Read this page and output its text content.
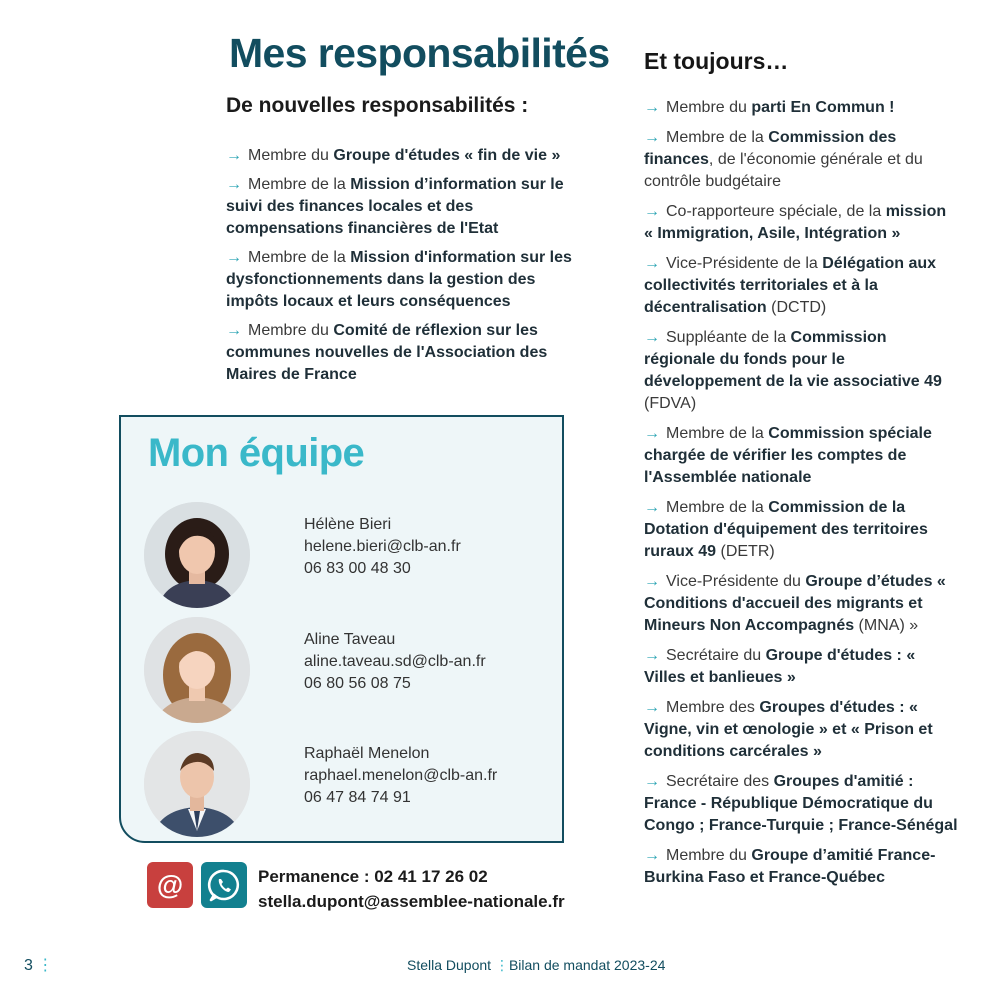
Mes responsabilités
De nouvelles responsabilités :
→ Membre du Groupe d'études « fin de vie »
→ Membre de la Mission d’information sur le suivi des finances locales et des compensations financières de l'Etat
→ Membre de la Mission d'information sur les dysfonctionnements dans la gestion des impôts locaux et leurs conséquences
→ Membre du Comité de réflexion sur les communes nouvelles de l'Association des Maires de France
Mon équipe
Hélène Bieri
helene.bieri@clb-an.fr
06 83 00 48 30
Aline Taveau
aline.taveau.sd@clb-an.fr
06 80 56 08 75
Raphaël Menelon
raphael.menelon@clb-an.fr
06 47 84 74 91
@	Permanence : 02 41 17 26 02
stella.dupont@assemblee-nationale.fr
Et toujours…
→ Membre du parti En Commun !
→ Membre de la Commission des finances, de l'économie générale et du contrôle budgétaire
→ Co-rapporteure spéciale, de la mission « Immigration, Asile, Intégration »
→ Vice-Présidente de la Délégation aux collectivités territoriales et à la décentralisation (DCTD)
→ Suppléante de la Commission régionale du fonds pour le développement de la vie associative 49 (FDVA)
→ Membre de la Commission spéciale chargée de vérifier les comptes de l'Assemblée nationale
→ Membre de la Commission de la Dotation d'équipement des territoires ruraux 49 (DETR)
→ Vice-Présidente du Groupe d’études « Conditions d'accueil des migrants et Mineurs Non Accompagnés (MNA) »
→ Secrétaire du Groupe d'études : « Villes et banlieues »
→ Membre des Groupes d'études : « Vigne, vin et œnologie » et « Prison et conditions carcérales »
→ Secrétaire des Groupes d'amitié : France - République Démocratique du Congo ; France-Turquie ; France-Sénégal
→ Membre du Groupe d’amitié France-Burkina Faso et France-Québec
3 ⋮	Stella Dupont ⋮Bilan de mandat 2023-24
